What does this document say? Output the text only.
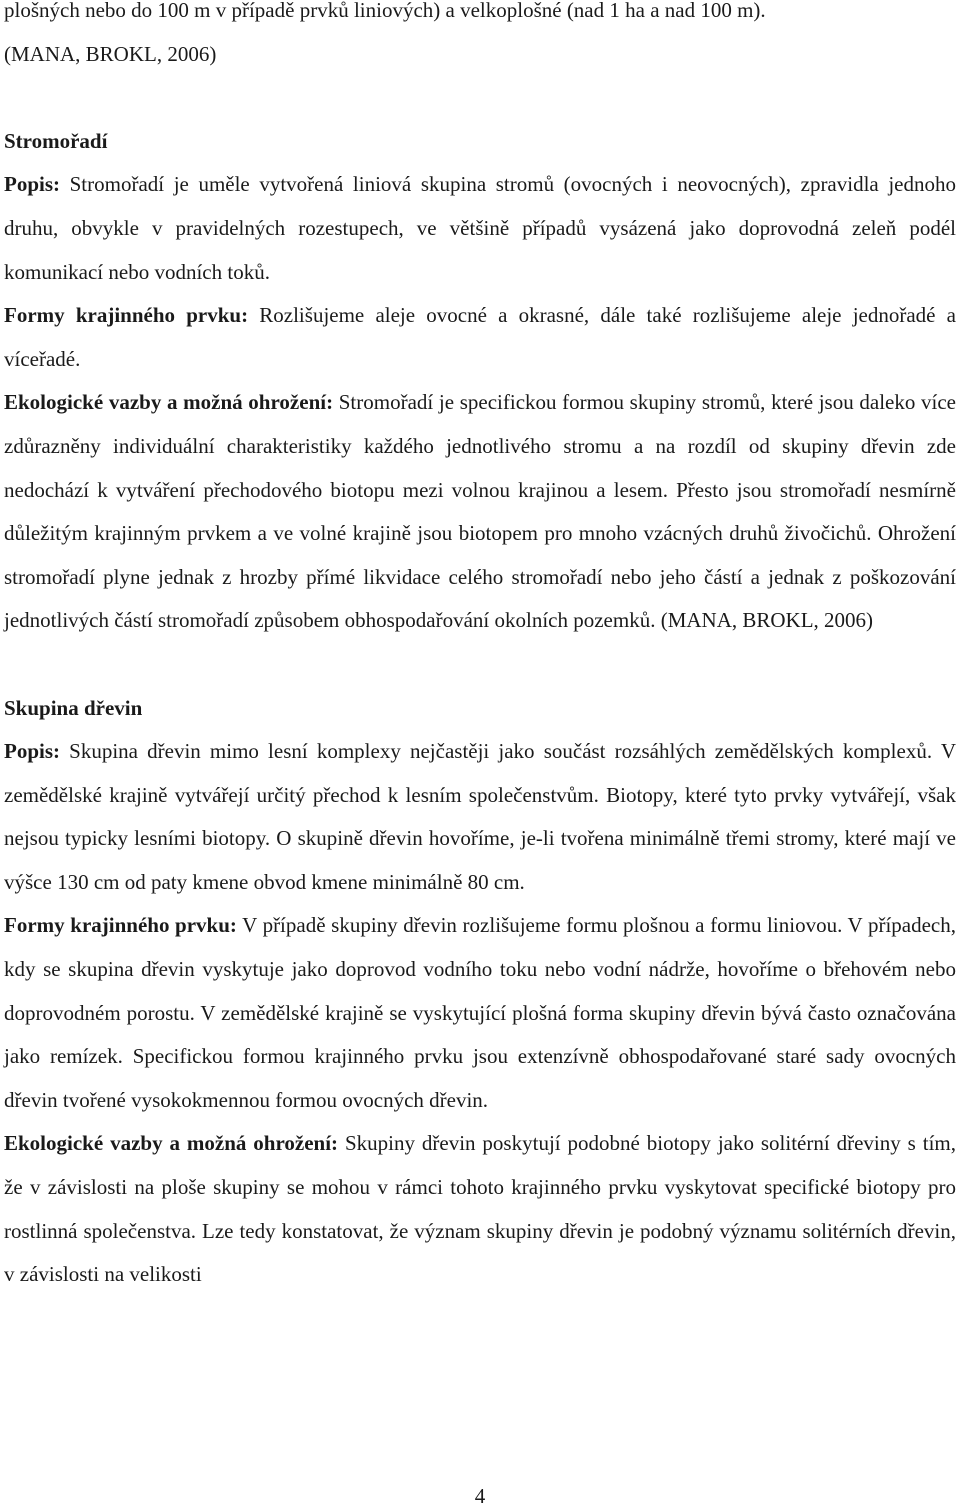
plošných nebo do 100 m v případě prvků liniových) a velkoplošné (nad 1 ha a nad 100 m).

(MANA, BROKL, 2006)

Stromořadí

Popis: Stromořadí je uměle vytvořená liniová skupina stromů (ovocných i neovocných), zpravidla jednoho druhu, obvykle v pravidelných rozestupech, ve většině případů vysázená jako doprovodná zeleň podél komunikací nebo vodních toků.

Formy krajinného prvku: Rozlišujeme aleje ovocné a okrasné, dále také rozlišujeme aleje jednořadé a víceřadé.

Ekologické vazby a možná ohrožení: Stromořadí je specifickou formou skupiny stromů, které jsou daleko více zdůrazněny individuální charakteristiky každého jednotlivého stromu a na rozdíl od skupiny dřevin zde nedochází k vytváření přechodového biotopu mezi volnou krajinou a lesem. Přesto jsou stromořadí nesmírně důležitým krajinným prvkem a ve volné krajině jsou biotopem pro mnoho vzácných druhů živočichů. Ohrožení stromořadí plyne jednak z hrozby přímé likvidace celého stromořadí nebo jeho částí a jednak z poškozování jednotlivých částí stromořadí způsobem obhospodařování okolních pozemků. (MANA, BROKL, 2006)

Skupina dřevin

Popis: Skupina dřevin mimo lesní komplexy nejčastěji jako součást rozsáhlých zemědělských komplexů. V zemědělské krajině vytvářejí určitý přechod k lesním společenstvům. Biotopy, které tyto prvky vytvářejí, však nejsou typicky lesními biotopy. O skupině dřevin hovoříme, je-li tvořena minimálně třemi stromy, které mají ve výšce 130 cm od paty kmene obvod kmene minimálně 80 cm.

Formy krajinného prvku: V případě skupiny dřevin rozlišujeme formu plošnou a formu liniovou. V případech, kdy se skupina dřevin vyskytuje jako doprovod vodního toku nebo vodní nádrže, hovoříme o břehovém nebo doprovodném porostu. V zemědělské krajině se vyskytující plošná forma skupiny dřevin bývá často označována jako remízek. Specifickou formou krajinného prvku jsou extenzívně obhospodařované staré sady ovocných dřevin tvořené vysokokmennou formou ovocných dřevin.

Ekologické vazby a možná ohrožení: Skupiny dřevin poskytují podobné biotopy jako solitérní dřeviny s tím, že v závislosti na ploše skupiny se mohou v rámci tohoto krajinného prvku vyskytovat specifické biotopy pro rostlinná společenstva. Lze tedy konstatovat, že význam skupiny dřevin je podobný významu solitérních dřevin, v závislosti na velikosti

4
